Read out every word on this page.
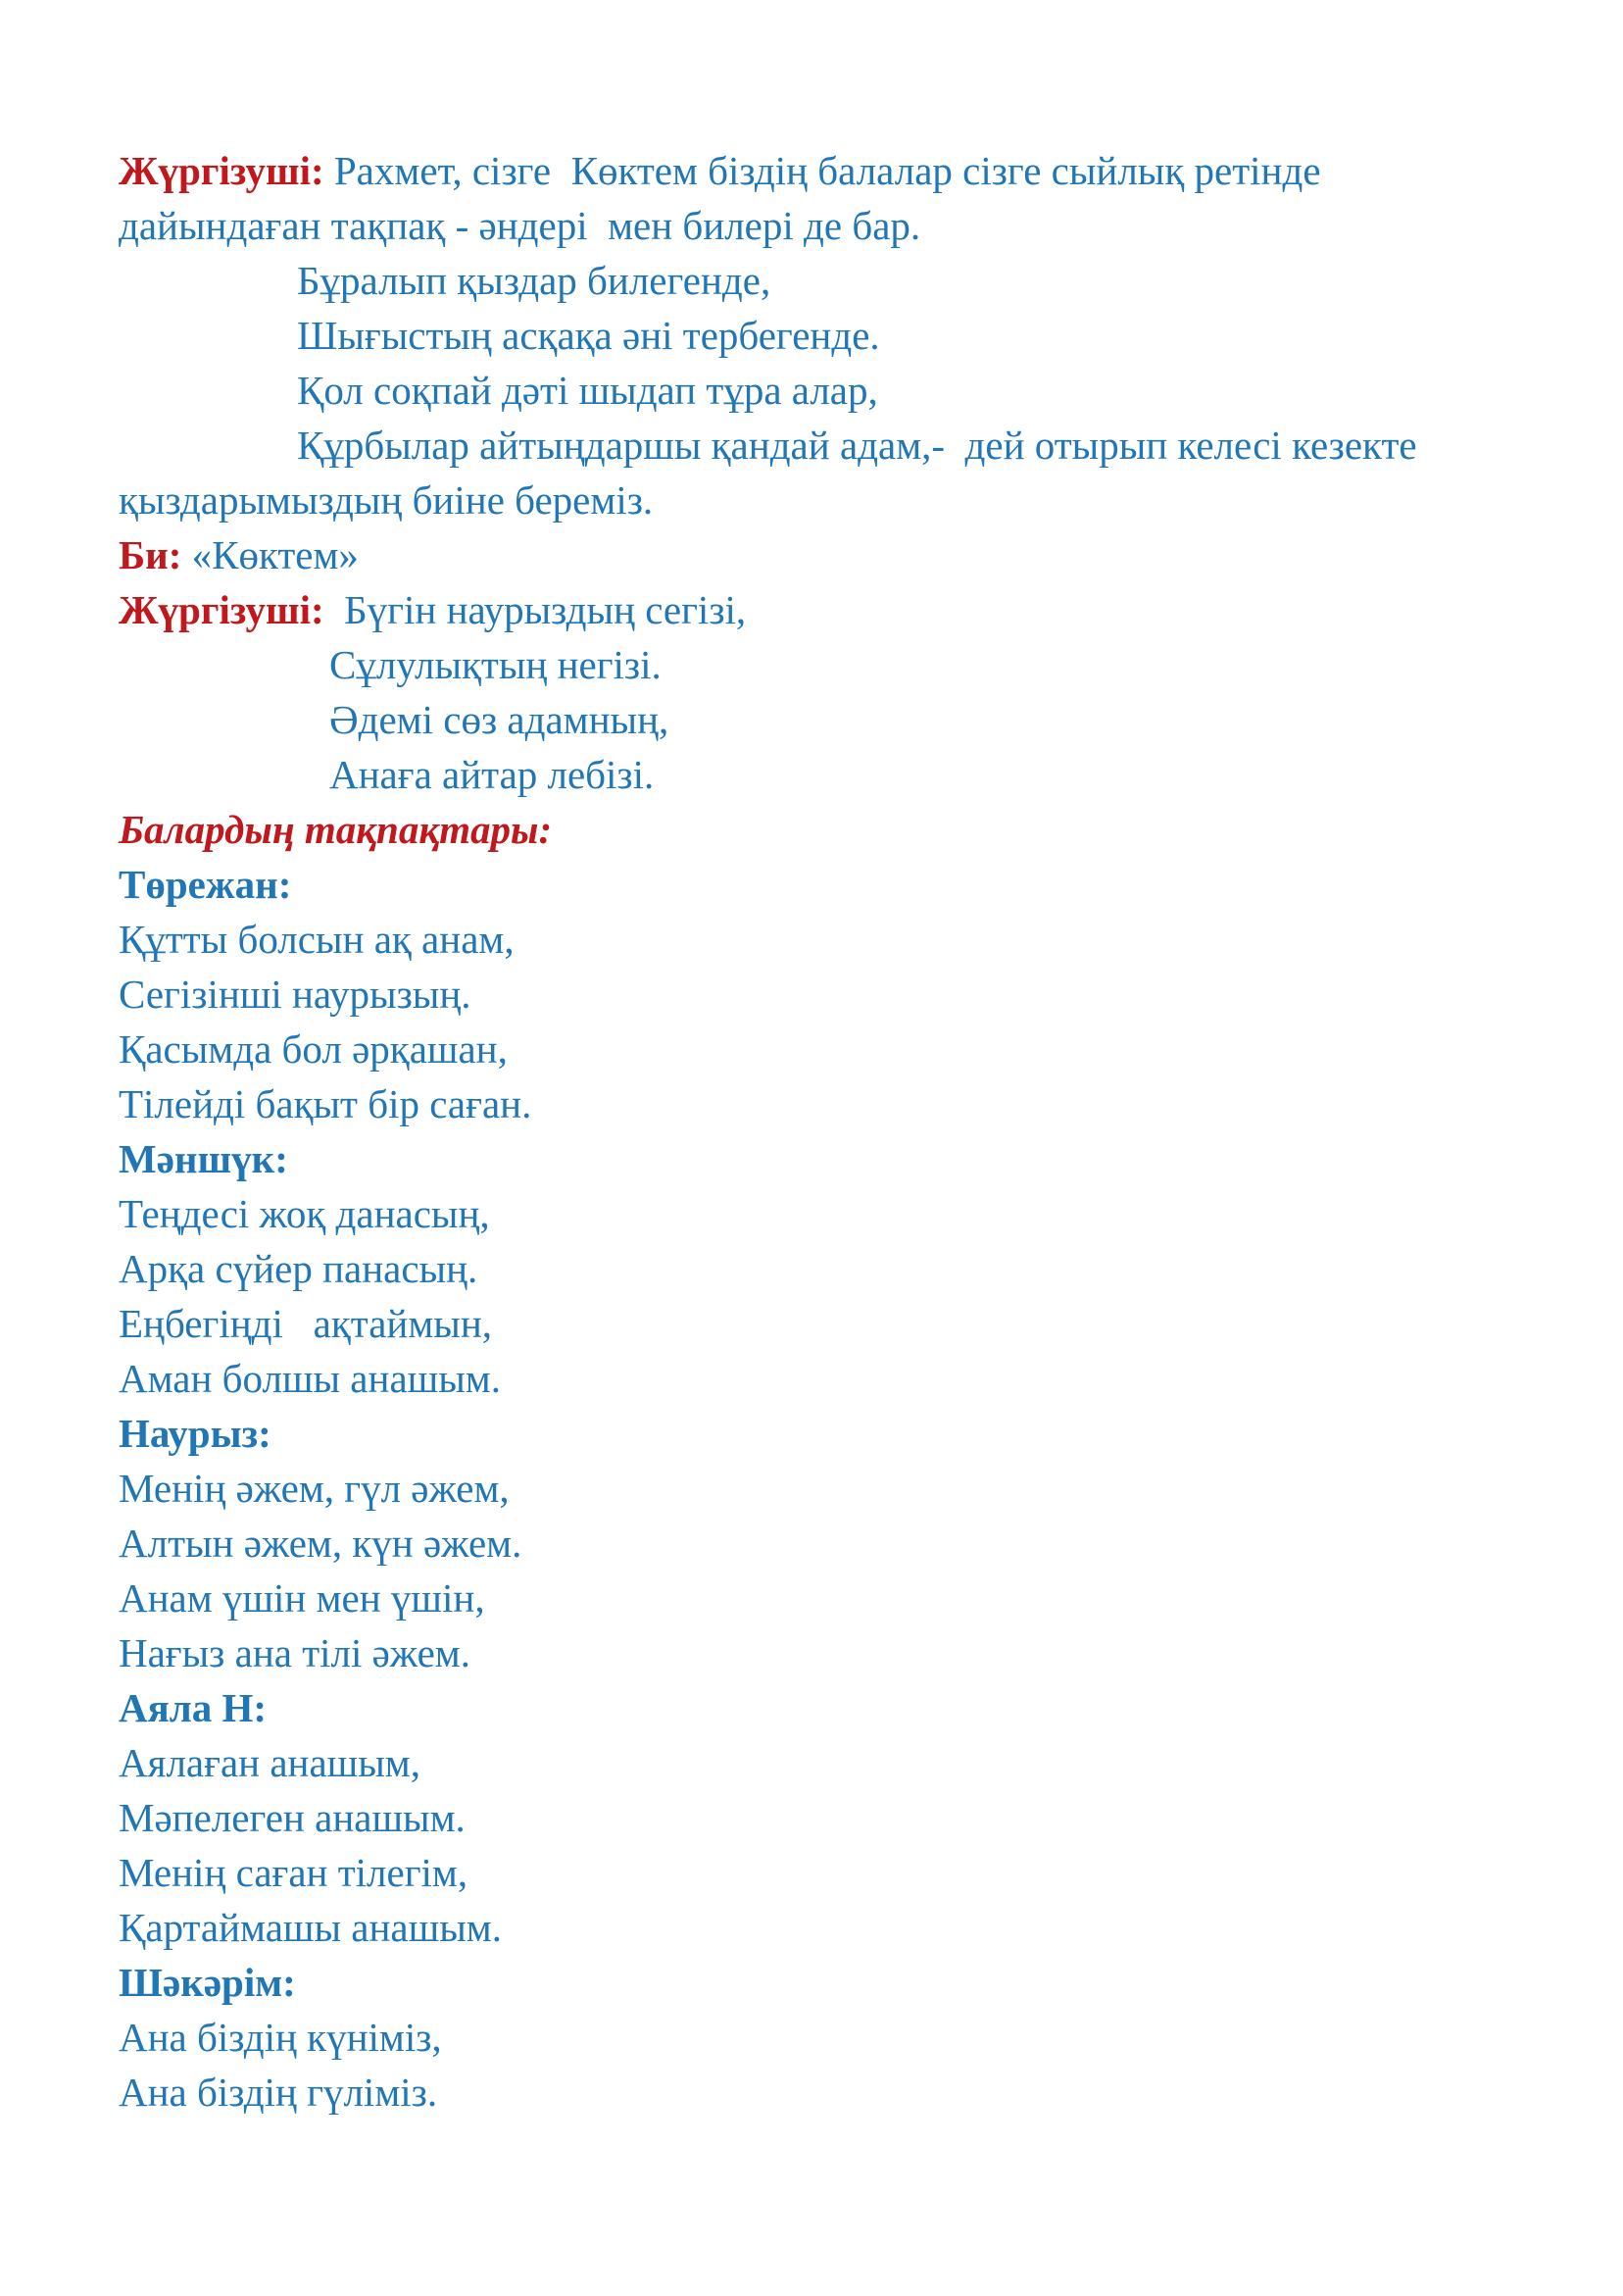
Жүргізуші: Рахмет, сізге  Көктем біздің балалар сізге сыйлық ретінде дайындаған тақпақ - әндері  мен билері де бар.

Бұралып қыздар билегенде,

Шығыстың асқақа әні тербегенде.

Қол соқпай дәті шыдап тұра алар,

Құрбылар айтыңдаршы қандай адам,-  дей отырып келесі кезекте қыздарымыздың биіне береміз.

Би: «Көктем»

Жүргізуші:  Бүгін наурыздың сегізі,

Сұлулықтың негізі.

Әдемі сөз адамның,

Анаға айтар лебізі.

Балардың тақпақтары:

Төрежан:

Құтты болсын ақ анам,

Сегізінші наурызың.

Қасымда бол әрқашан,

Тілейді бақыт бір саған.

Мәншүк:

Теңдесі жоқ данасың,

Арқа сүйер панасың.

Еңбегіңді   ақтаймын,

Аман болшы анашым.

Наурыз:

Менің әжем, гүл әжем,

Алтын әжем, күн әжем.

Анам үшін мен үшін,

Нағыз ана тілі әжем.

Аяла Н:

Аялаған анашым,

Мәпелеген анашым.

Менің саған тілегім,

Қартаймашы анашым.

Шәкәрім:

Ана біздің күніміз,

Ана біздің гүліміз.
